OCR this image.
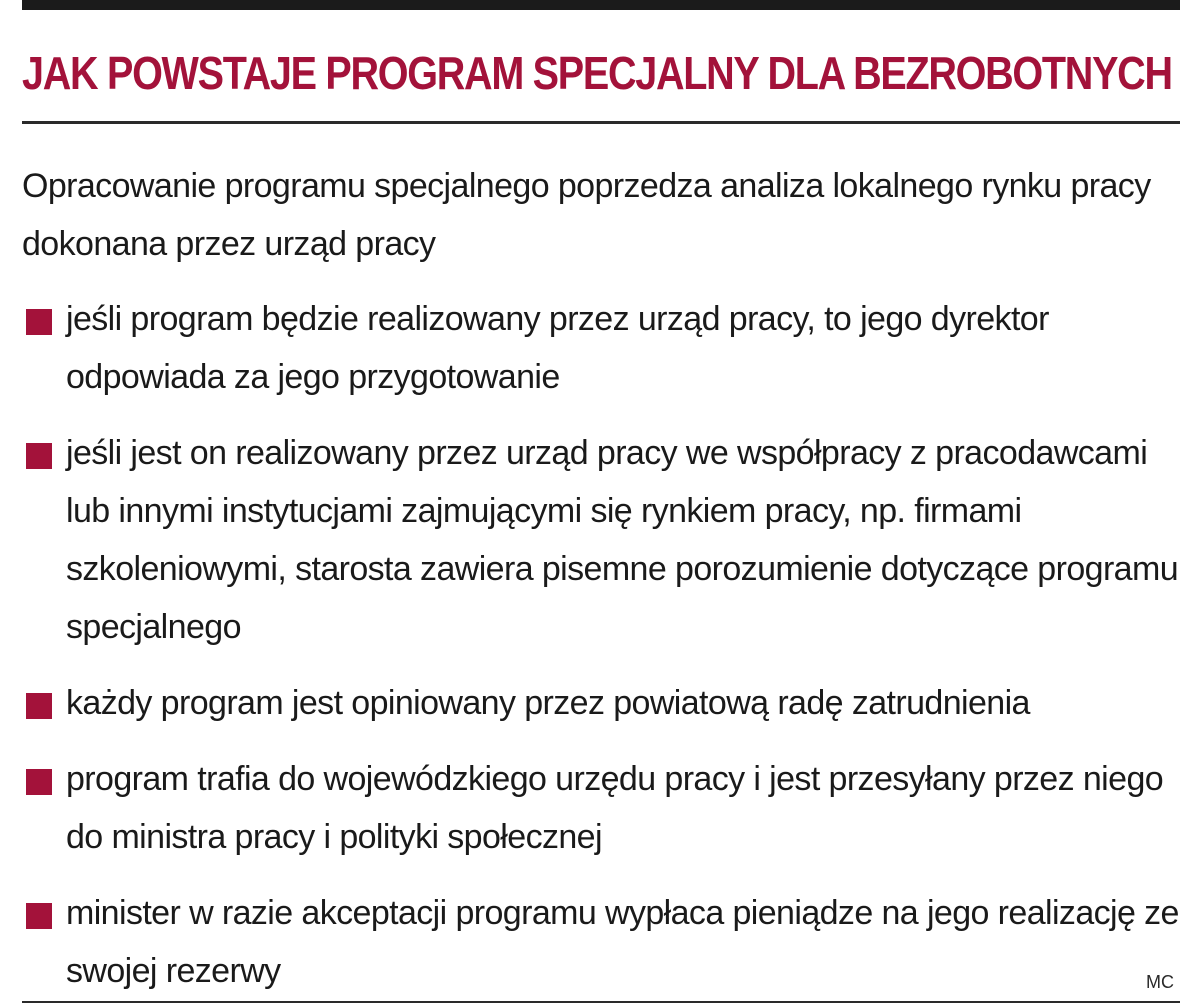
JAK POWSTAJE PROGRAM SPECJALNY DLA BEZROBOTNYCH

Opracowanie programu specjalnego poprzedza analiza lokalnego rynku pracy dokonana przez urząd pracy

jeśli program będzie realizowany przez urząd pracy, to jego dyrektor odpowiada za jego przygotowanie
jeśli jest on realizowany przez urząd pracy we współpracy z pracodawcami lub innymi instytucjami zajmującymi się rynkiem pracy, np. firmami szkoleniowymi, starosta zawiera pisemne porozumienie dotyczące programu specjalnego
każdy program jest opiniowany przez powiatową radę zatrudnienia
program trafia do wojewódzkiego urzędu pracy i jest przesyłany przez niego do ministra pracy i polityki społecznej
minister w razie akceptacji programu wypłaca pieniądze na jego realizację ze swojej rezerwy	MC
